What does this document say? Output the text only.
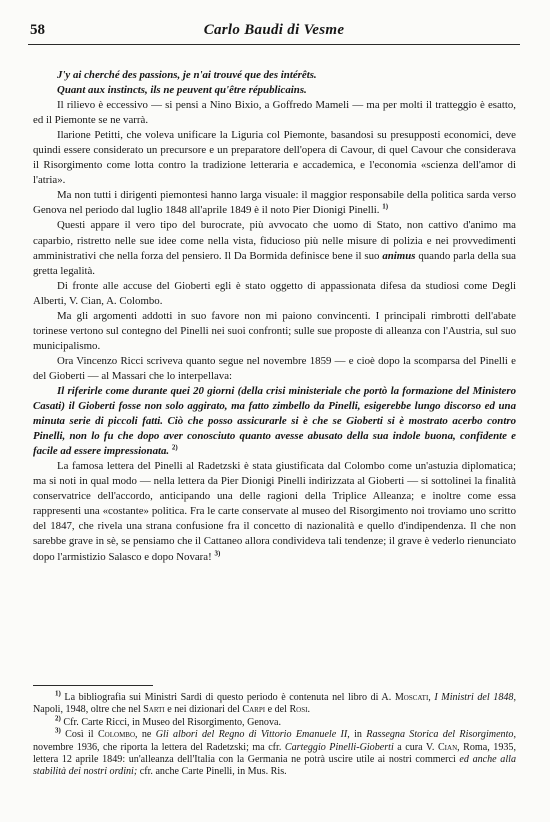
58	Carlo Baudi di Vesme

J'y ai cherché des passions, je n'ai trouvé que des intérêts.

Quant aux instincts, ils ne peuvent qu'être républicains.

Il rilievo è eccessivo — si pensi a Nino Bixio, a Goffredo Mameli — ma per molti il tratteggio è esatto, ed il Piemonte se ne varrà.

Ilarione Petitti, che voleva unificare la Liguria col Piemonte, basandosi su presupposti economici, deve quindi essere considerato un precursore e un preparatore dell'opera di Cavour, di quel Cavour che considerava il Risorgimento come lotta contro la tradizione letteraria e accademica, e l'economia «scienza dell'amor di l'atria».

Ma non tutti i dirigenti piemontesi hanno larga visuale: il maggior responsabile della politica sarda verso Genova nel periodo dal luglio 1848 all'aprile 1849 è il noto Pier Dionigi Pinelli. $^{1)}$

Questi appare il vero tipo del burocrate, più avvocato che uomo di Stato, non cattivo d'animo ma caparbio, ristretto nelle sue idee come nella vista, fiducioso più nelle misure di polizia e nei provvedimenti amministrativi che nella forza del pensiero. Il Da Bormida definisce bene il suo animus quando parla della sua gretta legalità.

Di fronte alle accuse del Gioberti egli è stato oggetto di appassionata difesa da studiosi come Degli Alberti, V. Cian, A. Colombo.

Ma gli argomenti addotti in suo favore non mi paiono convincenti. I principali rimbrotti dell'abate torinese vertono sul contegno del Pinelli nei suoi confronti; sulle sue proposte di alleanza con l'Austria, sul suo municipalismo.

Ora Vincenzo Ricci scriveva quanto segue nel novembre 1859 — e cioè dopo la scomparsa del Pinelli e del Gioberti — al Massari che lo interpellava:

Il riferirle come durante quei 20 giorni (della crisi ministeriale che portò la formazione del Ministero Casati) il Gioberti fosse non solo aggirato, ma fatto zimbello da Pinelli, esigerebbe lungo discorso ed una minuta serie di piccoli fatti. Ciò che posso assicurarle si è che se Gioberti si è mostrato acerbo contro Pinelli, non lo fu che dopo aver conosciuto quanto avesse abusato della sua indole buona, confidente e facile ad essere impressionata. $^{2)}$

La famosa lettera del Pinelli al Radetzski è stata giustificata dal Colombo come un'astuzia diplomatica; ma si noti in qual modo — nella lettera da Pier Dionigi Pinelli indirizzata al Gioberti — si sottolinei la finalità conservatrice dell'accordo, anticipando una delle ragioni della Triplice Alleanza; e inoltre come essa rappresenti una «costante» politica. Fra le carte conservate al museo del Risorgimento noi troviamo uno scritto del 1847, che rivela una strana confusione fra il concetto di nazionalità e quello d'indipendenza. Il che non sarebbe grave in sè, se pensiamo che il Cattaneo allora condivideva tali tendenze; il grave è vederlo rienunciato dopo l'armistizio Salasco e dopo Novara! $^{3)}$

$^{1)}$ La bibliografia sui Ministri Sardi di questo periodo è contenuta nel libro di A. Moscati, I Ministri del 1848, Napoli, 1948, oltre che nel Sarti e nei dizionari del Carpi e del Rosi.

$^{2)}$ Cfr. Carte Ricci, in Museo del Risorgimento, Genova.

$^{3)}$ Così il Colombo, ne Gli albori del Regno di Vittorio Emanuele II, in Rassegna Storica del Risorgimento, novembre 1936, che riporta la lettera del Radetzski; ma cfr. Carteggio Pinelli-Gioberti a cura V. Cian, Roma, 1935, lettera 12 aprile 1849: un'alleanza dell'Italia con la Germania ne potrà uscire utile ai nostri commerci ed anche alla stabilità dei nostri ordini; cfr. anche Carte Pinelli, in Mus. Ris.
